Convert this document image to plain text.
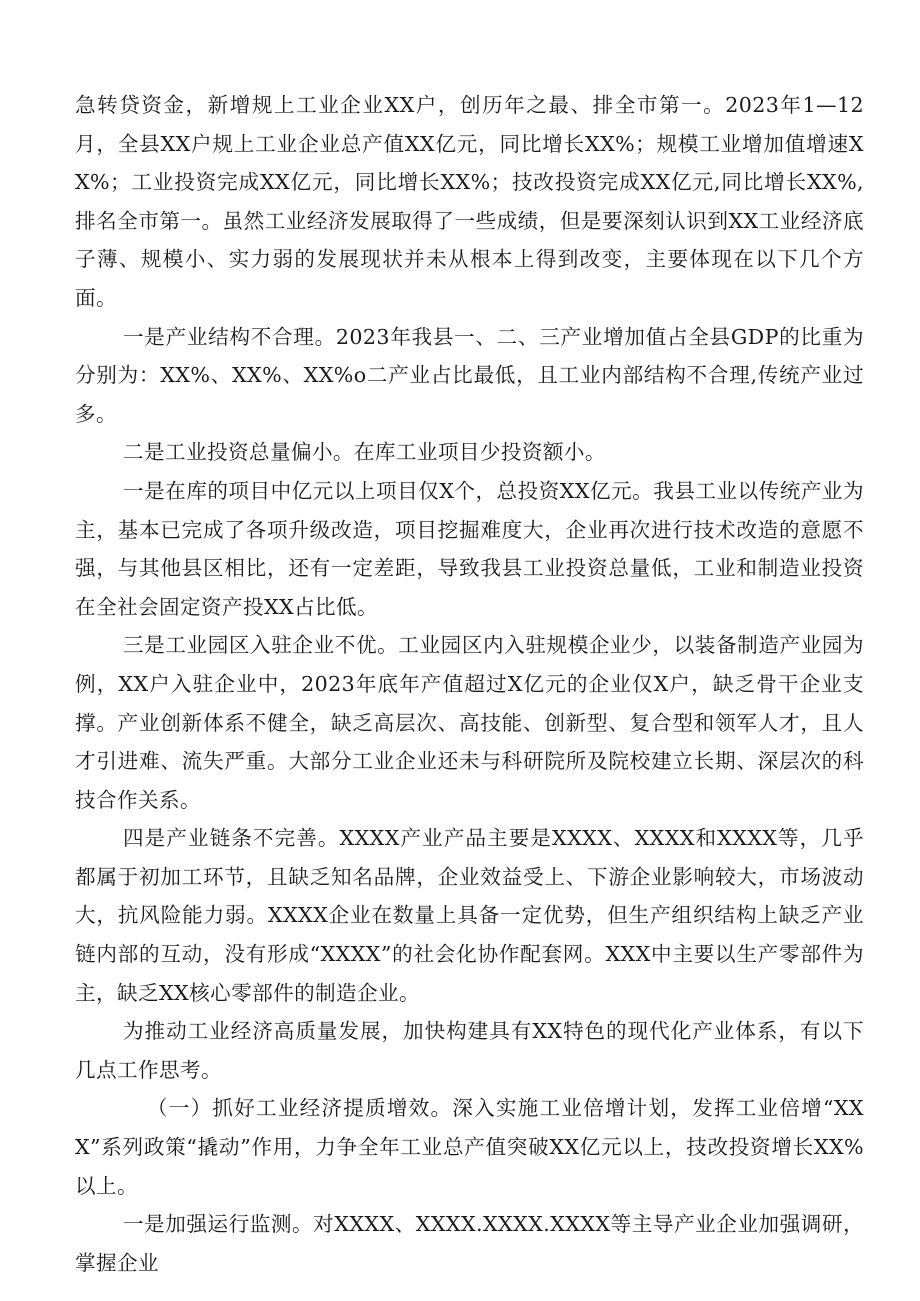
急转贷资金，新增规上工业企业XX户，创历年之最、排全市第一。2023年1—12月，全县XX户规上工业企业总产值XX亿元，同比增长XX%；规模工业增加值增速XX%；工业投资完成XX亿元，同比增长XX%；技改投资完成XX亿元,同比增长XX%,排名全市第一。虽然工业经济发展取得了一些成绩，但是要深刻认识到XX工业经济底子薄、规模小、实力弱的发展现状并未从根本上得到改变，主要体现在以下几个方面。

一是产业结构不合理。2023年我县一、二、三产业增加值占全县GDP的比重为分别为：XX%、XX%、XX%o二产业占比最低，且工业内部结构不合理,传统产业过多。

二是工业投资总量偏小。在库工业项目少投资额小。

一是在库的项目中亿元以上项目仅X个，总投资XX亿元。我县工业以传统产业为主，基本已完成了各项升级改造，项目挖掘难度大，企业再次进行技术改造的意愿不强，与其他县区相比，还有一定差距，导致我县工业投资总量低，工业和制造业投资在全社会固定资产投XX占比低。

三是工业园区入驻企业不优。工业园区内入驻规模企业少，以装备制造产业园为例，XX户入驻企业中，2023年底年产值超过X亿元的企业仅X户，缺乏骨干企业支撑。产业创新体系不健全，缺乏高层次、高技能、创新型、复合型和领军人才，且人才引进难、流失严重。大部分工业企业还未与科研院所及院校建立长期、深层次的科技合作关系。

四是产业链条不完善。XXXX产业产品主要是XXXX、XXXX和XXXX等，几乎都属于初加工环节，且缺乏知名品牌，企业效益受上、下游企业影响较大，市场波动大，抗风险能力弱。XXXX企业在数量上具备一定优势，但生产组织结构上缺乏产业链内部的互动，没有形成“XXXX”的社会化协作配套网。XXX中主要以生产零部件为主，缺乏XX核心零部件的制造企业。

为推动工业经济高质量发展，加快构建具有XX特色的现代化产业体系，有以下几点工作思考。

（一）抓好工业经济提质增效。深入实施工业倍增计划，发挥工业倍增“XXX”系列政策“撬动”作用，力争全年工业总产值突破XX亿元以上，技改投资增长XX%以上。

一是加强运行监测。对XXXX、XXXX.XXXX.XXXX等主导产业企业加强调研，掌握企业
